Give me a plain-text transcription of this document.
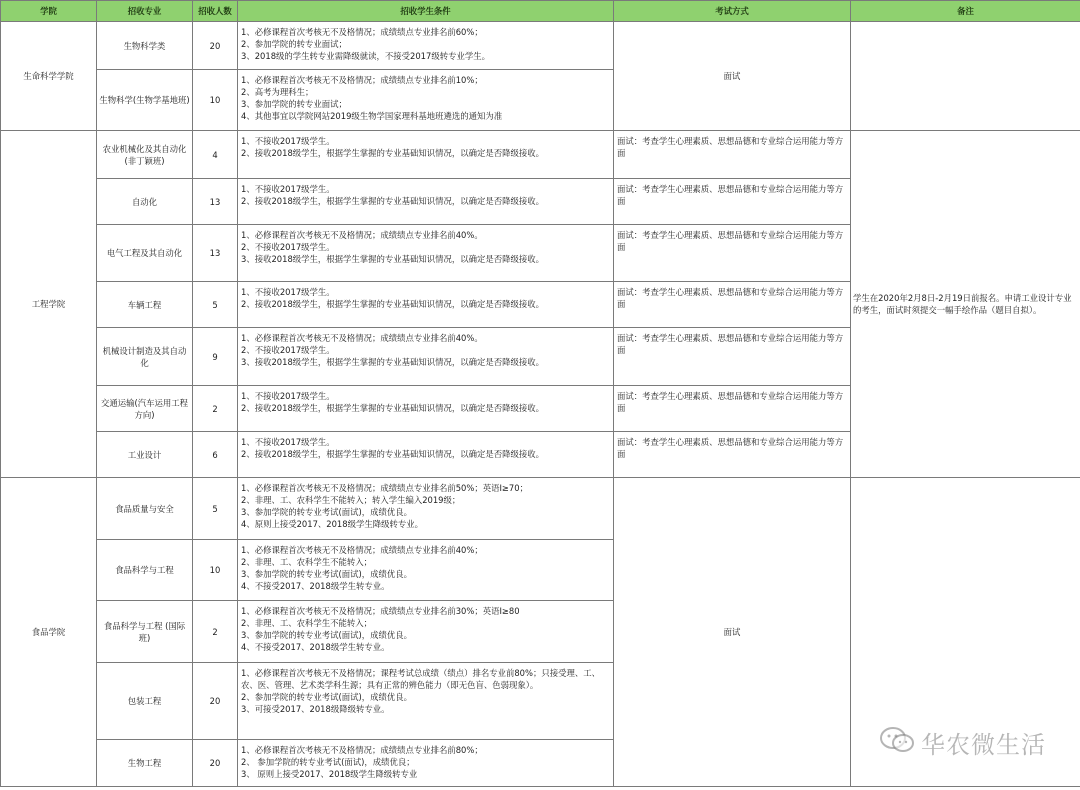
学院	招收专业	招收人数	招收学生条件	考试方式	备注
生命科学学院	生物科学类	20	1、必修课程首次考核无不及格情况；成绩绩点专业排名前60%；
2、参加学院的转专业面试；
3、2018级的学生转专业需降级就读，不接受2017级转专业学生。	面试	
	生物科学(生物学基地班)	10	1、必修课程首次考核无不及格情况；成绩绩点专业排名前10%；
2、高考为理科生；
3、参加学院的转专业面试；
4、其他事宜以学院网站2019级生物学国家理科基地班遴选的通知为准		

工程学院	农业机械化及其自动化(非丁颖班)	4	1、不接收2017级学生。
2、接收2018级学生，根据学生掌握的专业基础知识情况，以确定是否降级接收。	面试：考查学生心理素质、思想品德和专业综合运用能力等方面	学生在2020年2月8日-2月19日前报名。申请工业设计专业的考生，面试时须提交一幅手绘作品（题目自拟）。
	自动化	13	1、不接收2017级学生。
2、接收2018级学生，根据学生掌握的专业基础知识情况，以确定是否降级接收。	面试：考查学生心理素质、思想品德和专业综合运用能力等方面	
	电气工程及其自动化	13	1、必修课程首次考核无不及格情况；成绩绩点专业排名前40%。
2、不接收2017级学生。
3、接收2018级学生，根据学生掌握的专业基础知识情况，以确定是否降级接收。	面试：考查学生心理素质、思想品德和专业综合运用能力等方面	
	车辆工程	5	1、不接收2017级学生。
2、接收2018级学生，根据学生掌握的专业基础知识情况，以确定是否降级接收。	面试：考查学生心理素质、思想品德和专业综合运用能力等方面	
	机械设计制造及其自动化	9	1、必修课程首次考核无不及格情况；成绩绩点专业排名前40%。
2、不接收2017级学生。
3、接收2018级学生，根据学生掌握的专业基础知识情况，以确定是否降级接收。	面试：考查学生心理素质、思想品德和专业综合运用能力等方面	
	交通运输(汽车运用工程方向)	2	1、不接收2017级学生。
2、接收2018级学生，根据学生掌握的专业基础知识情况，以确定是否降级接收。	面试：考查学生心理素质、思想品德和专业综合运用能力等方面	
	工业设计	6	1、不接收2017级学生。
2、接收2018级学生，根据学生掌握的专业基础知识情况，以确定是否降级接收。	面试：考查学生心理素质、思想品德和专业综合运用能力等方面	
食品学院	食品质量与安全	5	1、必修课程首次考核无不及格情况；成绩绩点专业排名前50%；英语Ⅰ≥70；
2、非理、工、农科学生不能转入；转入学生编入2019级；
3、参加学院的转专业考试(面试)，成绩优良。
4、原则上接受2017、2018级学生降级转专业。	面试	
	食品科学与工程	10	1、必修课程首次考核无不及格情况；成绩绩点专业排名前40%；
2、非理、工、农科学生不能转入；
3、参加学院的转专业考试(面试)，成绩优良。
4、不接受2017、2018级学生转专业。		

	食品科学与工程 (国际班)	2	1、必修课程首次考核无不及格情况；成绩绩点专业排名前30%；英语Ⅰ≥80
2、非理、工、农科学生不能转入；
3、参加学院的转专业考试(面试)，成绩优良。
4、不接受2017、2018级学生转专业。		

	包装工程	20	1、必修课程首次考核无不及格情况；课程考试总成绩（绩点）排名专业前80%；只接受理、工、
农、医、管理、艺术类学科生源；具有正常的辨色能力（即无色盲、色弱现象）。
2、参加学院的转专业考试(面试)，成绩优良。
3、可接受2017、2018级降级转专业。		

	生物工程	20	1、必修课程首次考核无不及格情况；成绩绩点专业排名前80%；
2、 参加学院的转专业考试(面试)，成绩优良；
3、 原则上接受2017、2018级学生降级转专业		
华农微生活
